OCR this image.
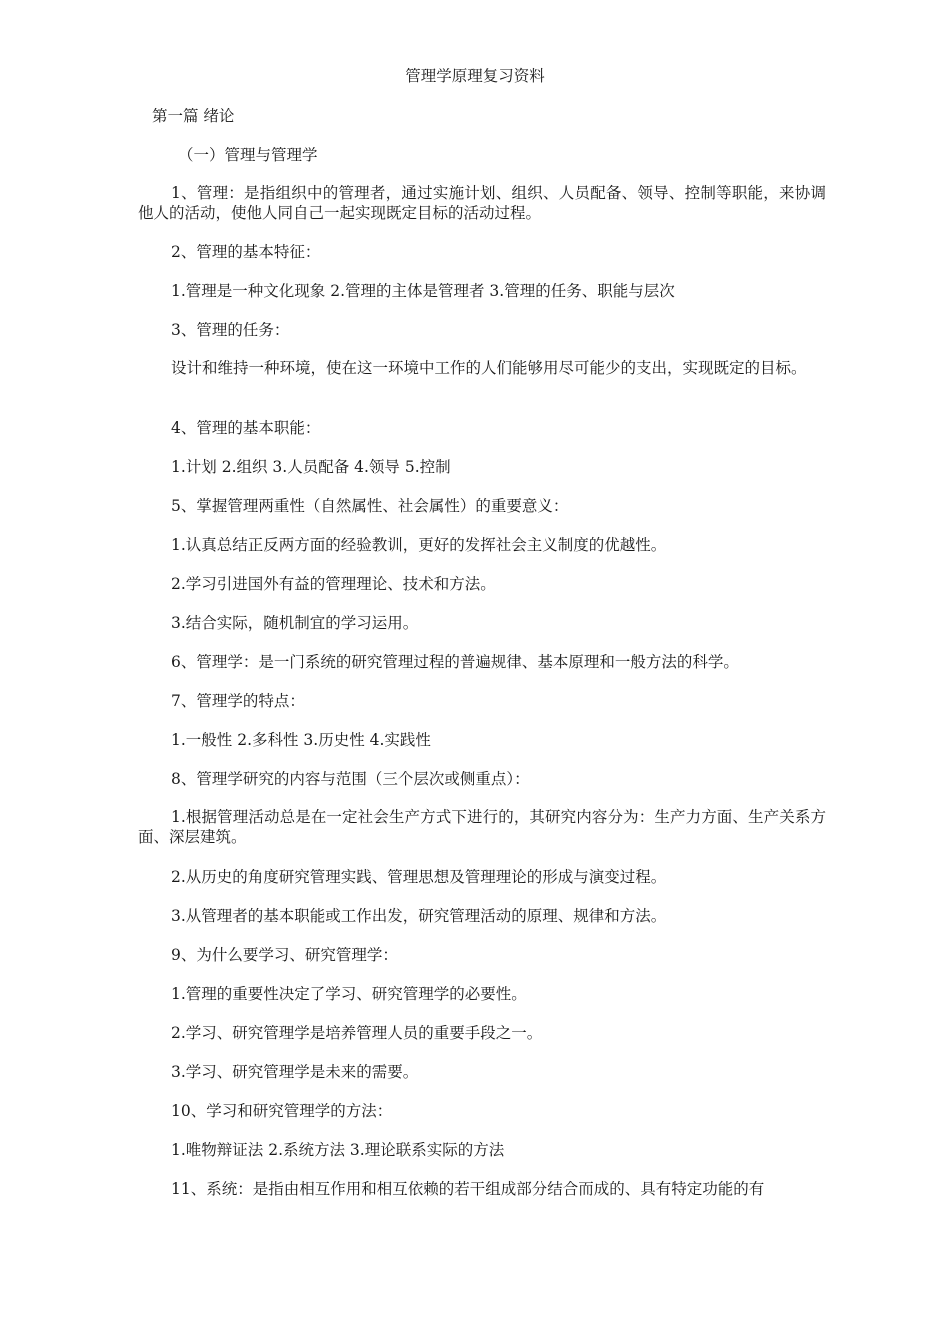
管理学原理复习资料
第一篇 绪论
（一）管理与管理学
1、管理：是指组织中的管理者，通过实施计划、组织、人员配备、领导、控制等职能，来协调他人的活动，使他人同自己一起实现既定目标的活动过程。
2、管理的基本特征：
1.管理是一种文化现象 2.管理的主体是管理者 3.管理的任务、职能与层次
3、管理的任务：
设计和维持一种环境，使在这一环境中工作的人们能够用尽可能少的支出，实现既定的目标。
4、管理的基本职能：
1.计划 2.组织 3.人员配备 4.领导 5.控制
5、掌握管理两重性（自然属性、社会属性）的重要意义：
1.认真总结正反两方面的经验教训，更好的发挥社会主义制度的优越性。
2.学习引进国外有益的管理理论、技术和方法。
3.结合实际，随机制宜的学习运用。
6、管理学：是一门系统的研究管理过程的普遍规律、基本原理和一般方法的科学。
7、管理学的特点：
1.一般性 2.多科性 3.历史性 4.实践性
8、管理学研究的内容与范围（三个层次或侧重点）：
1.根据管理活动总是在一定社会生产方式下进行的，其研究内容分为：生产力方面、生产关系方面、深层建筑。
2.从历史的角度研究管理实践、管理思想及管理理论的形成与演变过程。
3.从管理者的基本职能或工作出发，研究管理活动的原理、规律和方法。
9、为什么要学习、研究管理学：
1.管理的重要性决定了学习、研究管理学的必要性。
2.学习、研究管理学是培养管理人员的重要手段之一。
3.学习、研究管理学是未来的需要。
10、学习和研究管理学的方法：
1.唯物辩证法 2.系统方法 3.理论联系实际的方法
11、系统：是指由相互作用和相互依赖的若干组成部分结合而成的、具有特定功能的有
